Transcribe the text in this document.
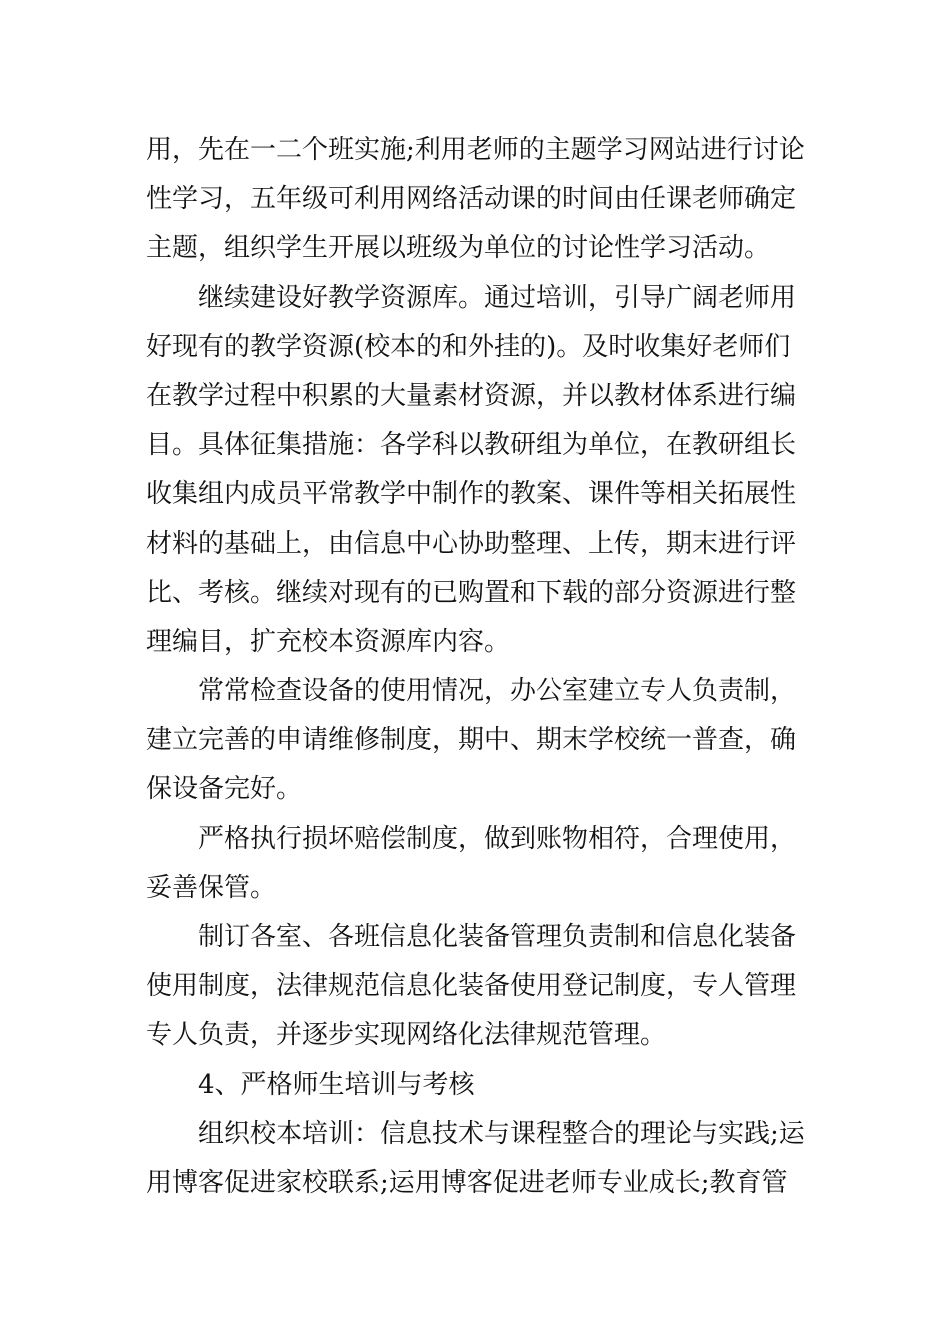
用，先在一二个班实施;利用老师的主题学习网站进行讨论
性学习，五年级可利用网络活动课的时间由任课老师确定
主题，组织学生开展以班级为单位的讨论性学习活动。
继续建设好教学资源库。通过培训，引导广阔老师用
好现有的教学资源(校本的和外挂的)。及时收集好老师们
在教学过程中积累的大量素材资源，并以教材体系进行编
目。具体征集措施：各学科以教研组为单位，在教研组长
收集组内成员平常教学中制作的教案、课件等相关拓展性
材料的基础上，由信息中心协助整理、上传，期末进行评
比、考核。继续对现有的已购置和下载的部分资源进行整
理编目，扩充校本资源库内容。
常常检查设备的使用情况，办公室建立专人负责制，
建立完善的申请维修制度，期中、期末学校统一普查，确
保设备完好。
严格执行损坏赔偿制度，做到账物相符，合理使用，
妥善保管。
制订各室、各班信息化装备管理负责制和信息化装备
使用制度，法律规范信息化装备使用登记制度，专人管理
专人负责，并逐步实现网络化法律规范管理。
4、严格师生培训与考核
组织校本培训：信息技术与课程整合的理论与实践;运
用博客促进家校联系;运用博客促进老师专业成长;教育管
